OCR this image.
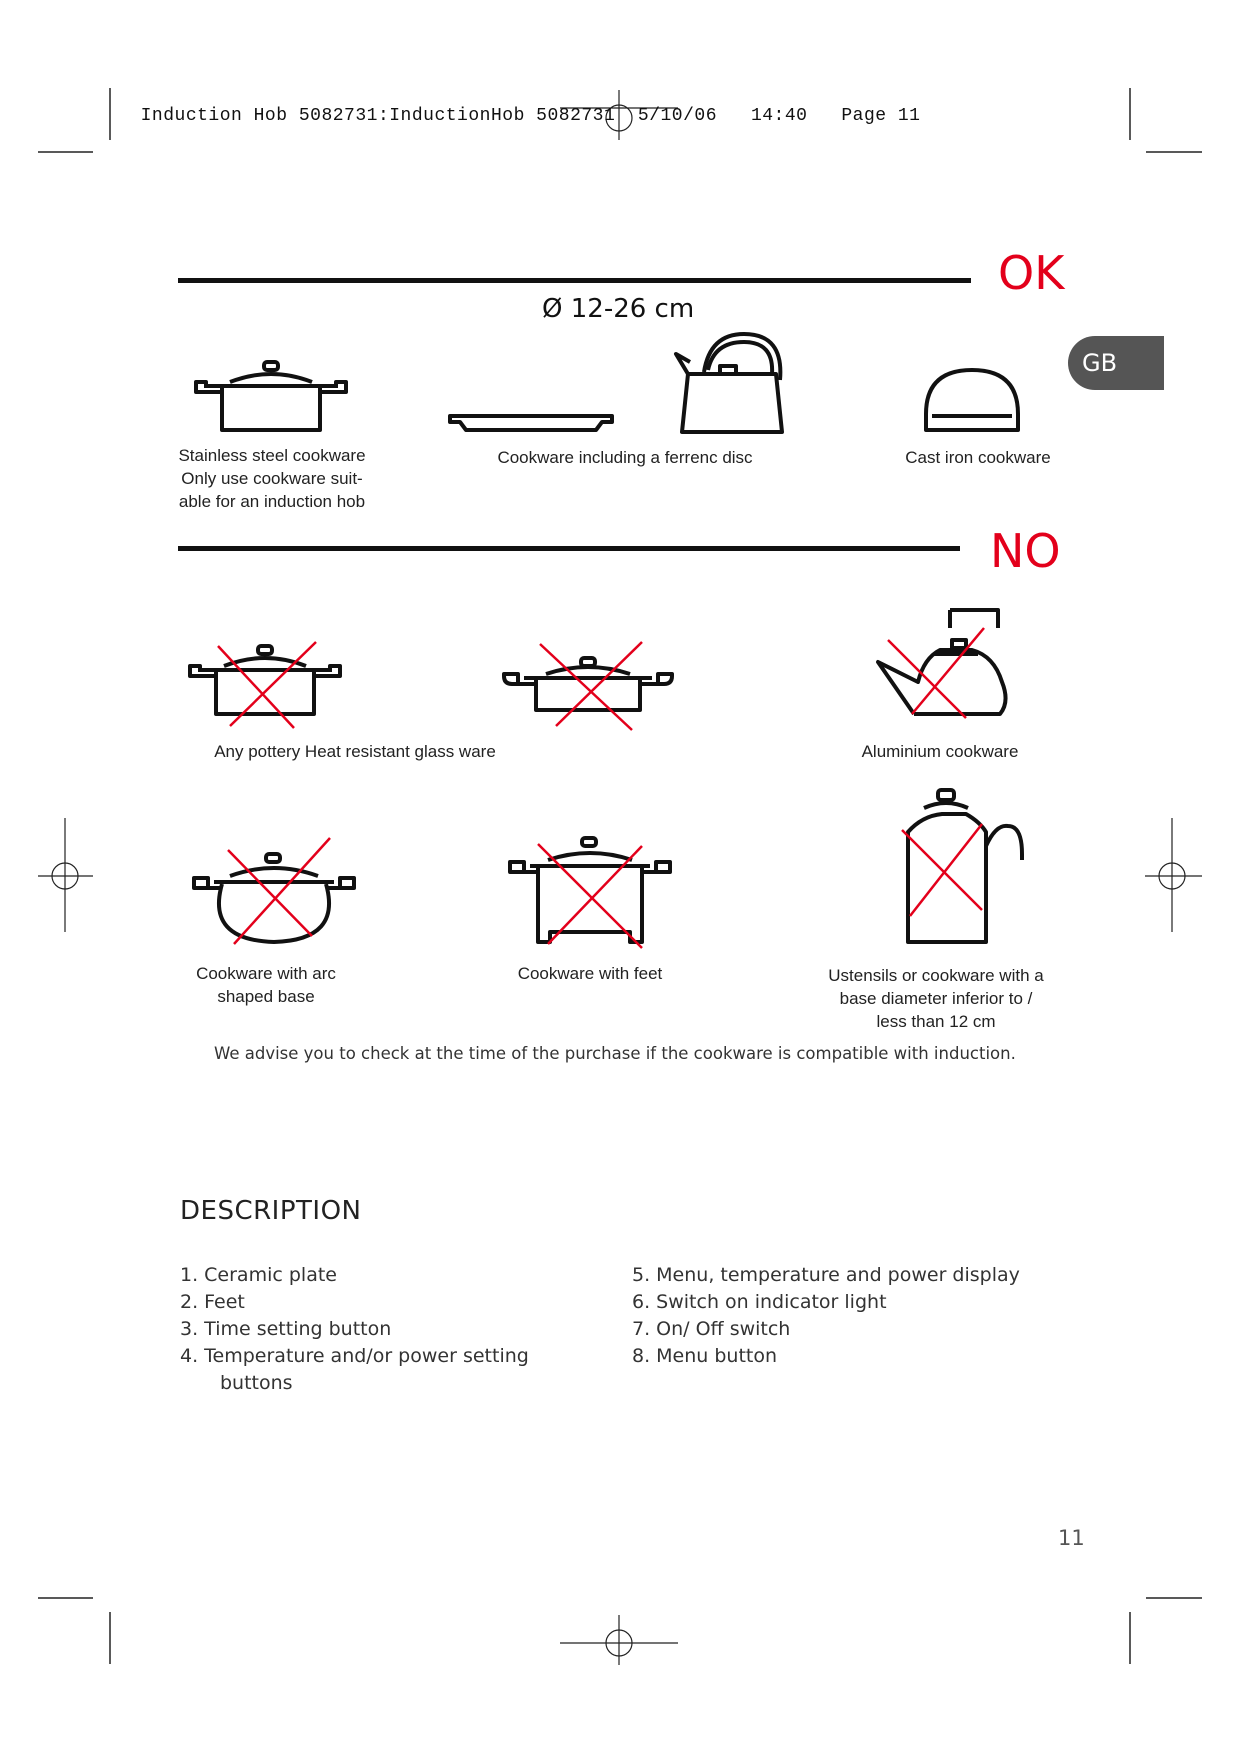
Induction Hob 5082731:InductionHob 5082731 5/10/06 14:40 Page 11

OK
Ø 12-26 cm
GB
Stainless steel cookware
Only use cookware suit-
able for an induction hob
Cookware including a ferrenc disc	Cast iron cookware
NO
Any pottery Heat resistant glass ware	Aluminium cookware
Cookware with arc
shaped base
Cookware with feet	Ustensils or cookware with a
base diameter inferior to /
less than 12 cm
We advise you to check at the time of the purchase if the cookware is compatible with induction.
DESCRIPTION
1. Ceramic plate
2. Feet
3. Time setting button
4. Temperature and/or power setting
buttons
5. Menu, temperature and power display
6. Switch on indicator light
7. On/ Off switch
8. Menu button
11
